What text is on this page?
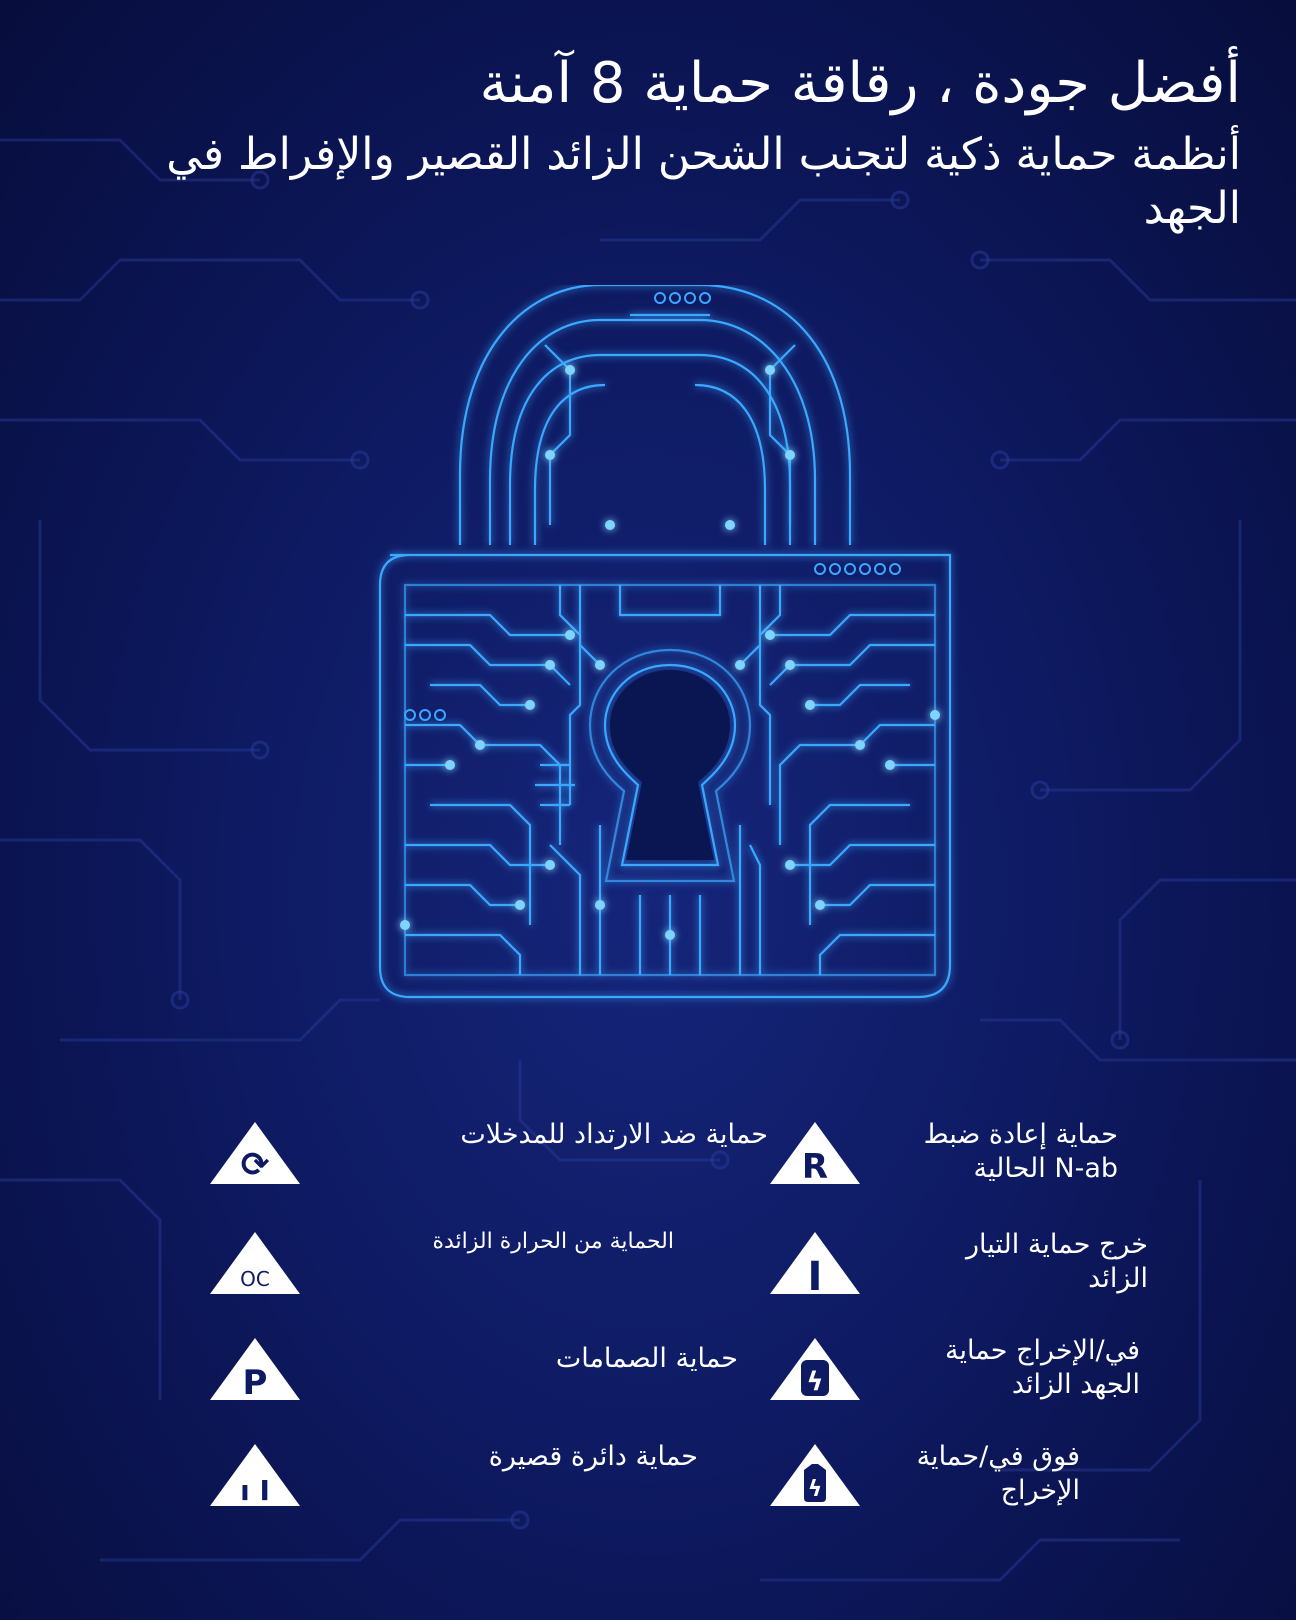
أفضل جودة ، رقاقة حماية 8 آمنة
أنظمة حماية ذكية لتجنب الشحن الزائد القصير والإفراط في الجهد
⟳
حماية ضد الارتداد للمدخلات
OC
الحماية من الحرارة الزائدة
P
حماية الصمامات
ı I
حماية دائرة قصيرة
R
حماية إعادة ضبط N-ab الحالية
I
خرج حماية التيار الزائد
ϟ
في/الإخراج حماية الجهد الزائد
ϟ
فوق في/حماية الإخراج
